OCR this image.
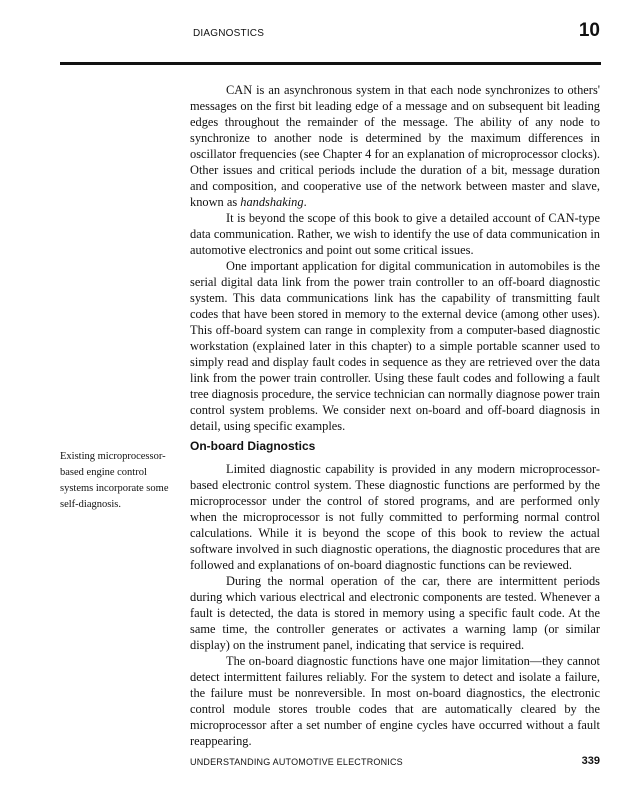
DIAGNOSTICS	10

CAN is an asynchronous system in that each node synchronizes to others' messages on the first bit leading edge of a message and on subsequent bit leading edges throughout the remainder of the message. The ability of any node to synchronize to another node is determined by the maximum differences in oscillator frequencies (see Chapter 4 for an explanation of microprocessor clocks). Other issues and critical periods include the duration of a bit, message duration and composition, and cooperative use of the network between master and slave, known as handshaking.

It is beyond the scope of this book to give a detailed account of CAN-type data communication. Rather, we wish to identify the use of data communication in automotive electronics and point out some critical issues.

One important application for digital communication in automobiles is the serial digital data link from the power train controller to an off-board diagnostic system. This data communications link has the capability of transmitting fault codes that have been stored in memory to the external device (among other uses). This off-board system can range in complexity from a computer-based diagnostic workstation (explained later in this chapter) to a simple portable scanner used to simply read and display fault codes in sequence as they are retrieved over the data link from the power train controller. Using these fault codes and following a fault tree diagnosis procedure, the service technician can normally diagnose power train control system problems. We consider next on-board and off-board diagnosis in detail, using specific examples.

On-board Diagnostics

Limited diagnostic capability is provided in any modern microprocessor-based electronic control system. These diagnostic functions are performed by the microprocessor under the control of stored programs, and are performed only when the microprocessor is not fully committed to performing normal control calculations. While it is beyond the scope of this book to review the actual software involved in such diagnostic operations, the diagnostic procedures that are followed and explanations of on-board diagnostic functions can be reviewed.

During the normal operation of the car, there are intermittent periods during which various electrical and electronic components are tested. Whenever a fault is detected, the data is stored in memory using a specific fault code. At the same time, the controller generates or activates a warning lamp (or similar display) on the instrument panel, indicating that service is required.

The on-board diagnostic functions have one major limitation—they cannot detect intermittent failures reliably. For the system to detect and isolate a failure, the failure must be nonreversible. In most on-board diagnostics, the electronic control module stores trouble codes that are automatically cleared by the microprocessor after a set number of engine cycles have occurred without a fault reappearing.

Existing microprocessor-based engine control systems incorporate some self-diagnosis.
UNDERSTANDING AUTOMOTIVE ELECTRONICS	339
